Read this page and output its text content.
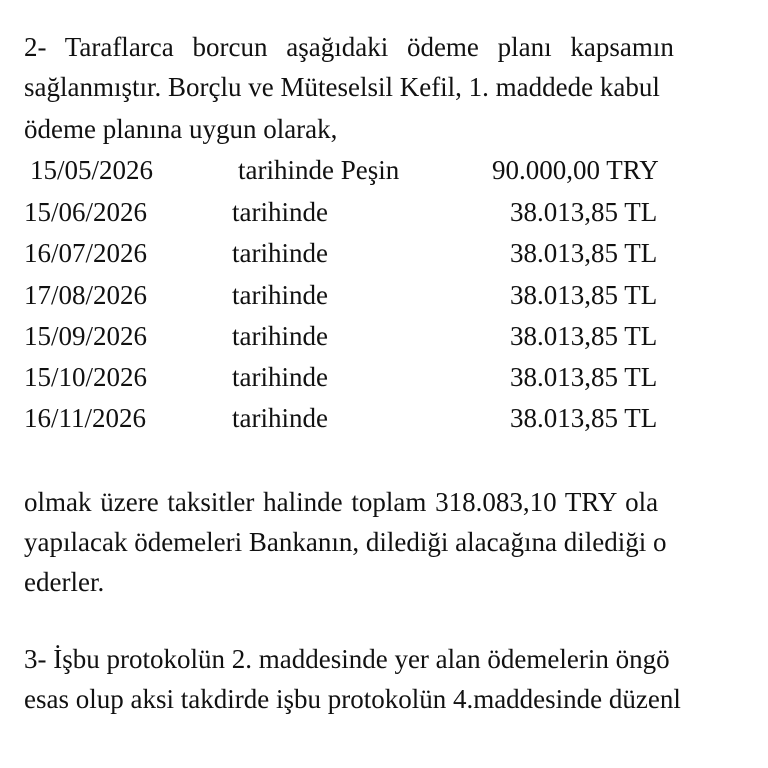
2- Taraflarca borcun aşağıdaki ödeme planı kapsamın
sağlanmıştır. Borçlu ve Müteselsil Kefil, 1. maddede kabul
ödeme planına uygun olarak,
15/05/2026	tarihinde Peşin	90.000,00 TRY
15/06/2026	tarihinde	38.013,85 TL
16/07/2026	tarihinde	38.013,85 TL
17/08/2026	tarihinde	38.013,85 TL
15/09/2026	tarihinde	38.013,85 TL
15/10/2026	tarihinde	38.013,85 TL
16/11/2026	tarihinde	38.013,85 TL
olmak üzere taksitler halinde toplam 318.083,10 TRY ola
yapılacak ödemeleri Bankanın, dilediği alacağına dilediği o
ederler.
3- İşbu protokolün 2. maddesinde yer alan ödemelerin öngö
esas olup aksi takdirde işbu protokolün 4.maddesinde düzenl
